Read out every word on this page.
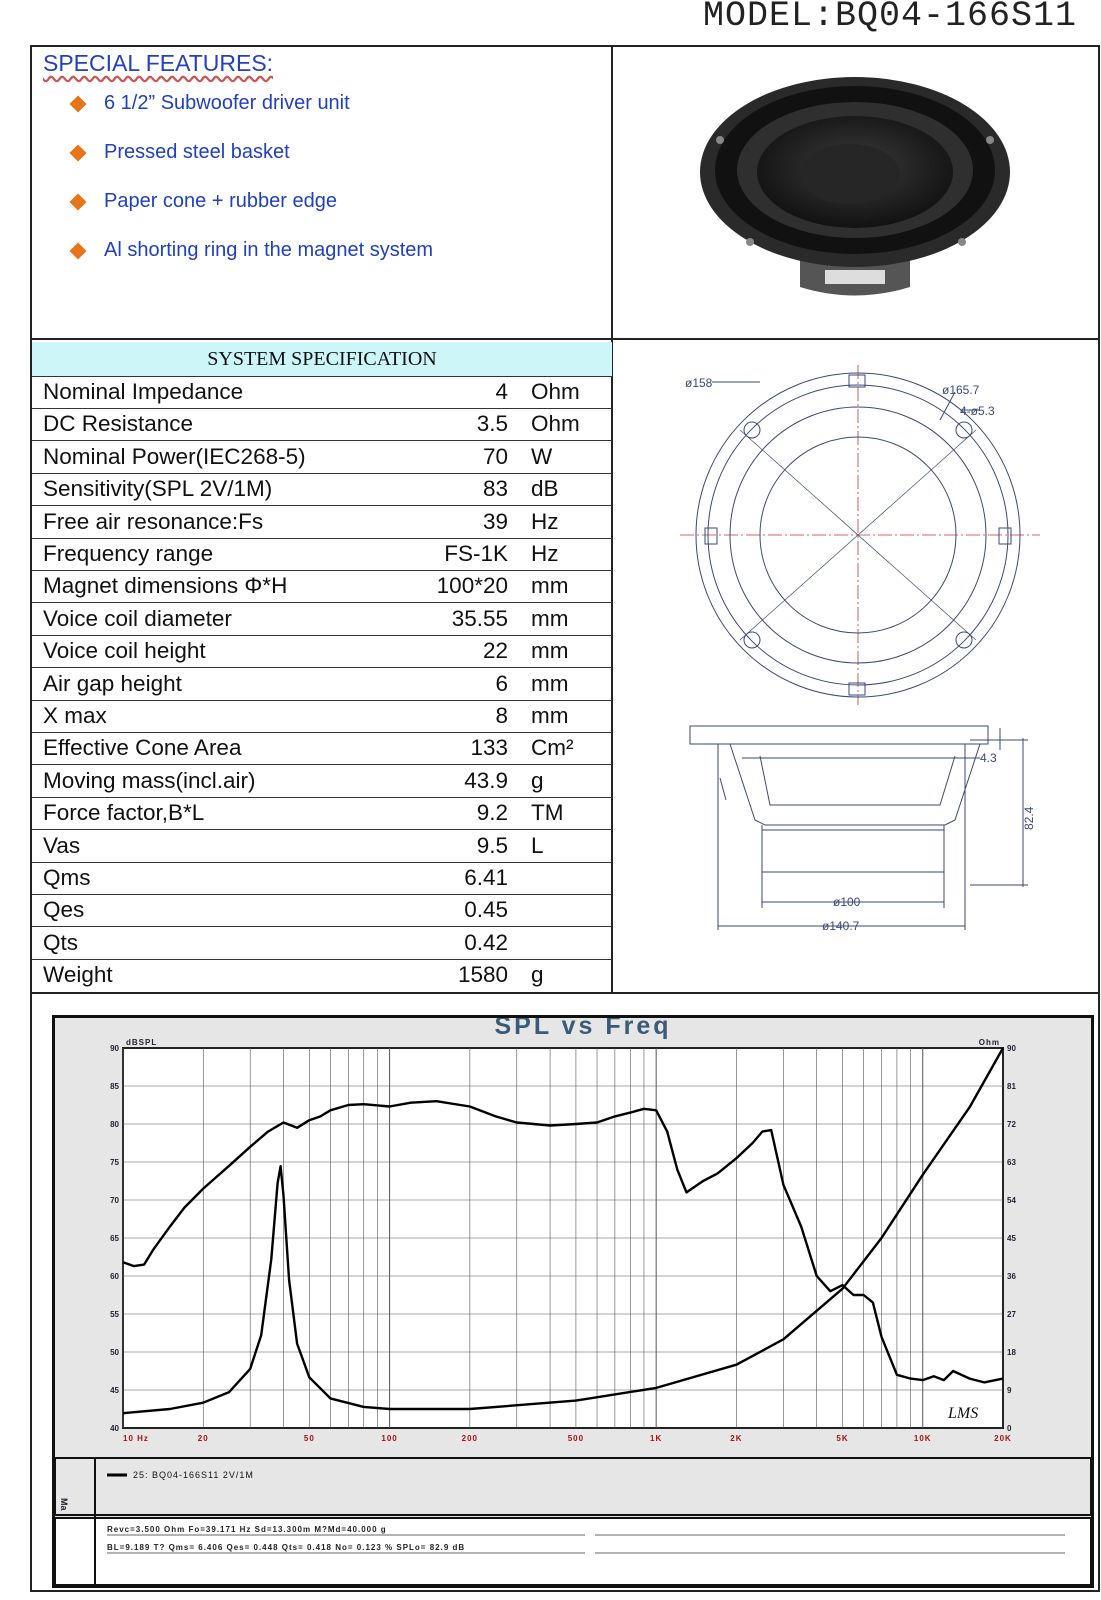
MODEL:BQ04-166S11
SPECIAL FEATURES:
6 1/2” Subwoofer driver unit
Pressed steel basket
Paper cone + rubber edge
Al shorting ring in the magnet system
SYSTEM SPECIFICATION
Nominal Impedance	4 Ohm
DC Resistance	3.5 Ohm
Nominal Power(IEC268-5)	70 W
Sensitivity(SPL 2V/1M)	83 dB
Free air resonance:Fs	39 Hz
Frequency range	FS-1K Hz
Magnet dimensions Φ*H	100*20 mm
Voice coil diameter	35.55 mm
Voice coil height	22 mm
Air gap height	6 mm
X max	8 mm
Effective Cone Area	133 Cm²
Moving mass(incl.air)	43.9 g
Force factor,B*L	9.2 TM
Vas	9.5 L
Qms	6.41
Qes	0.45
Qts	0.42
Weight	1580 g
ø158	ø165.7
4-ø5.3
4.3
82.4
ø100
ø140.7
SPL vs Freq
dBSPL	Ohm
40
45
50
55
60
65
70
75
80
85
90
0
9
18
27
36
45
54
63
72
81
90
10 Hz	20	50	100	200	500	1K	2K	5K	10K	20K
LMS
25: BQ04-166S11 2V/1M
Ma
Revc=3.500 Ohm Fo=39.171 Hz Sd=13.300m M?Md=40.000 g
BL=9.189 T? Qms= 6.406 Qes= 0.448 Qts= 0.418 No= 0.123 % SPLo= 82.9 dB
